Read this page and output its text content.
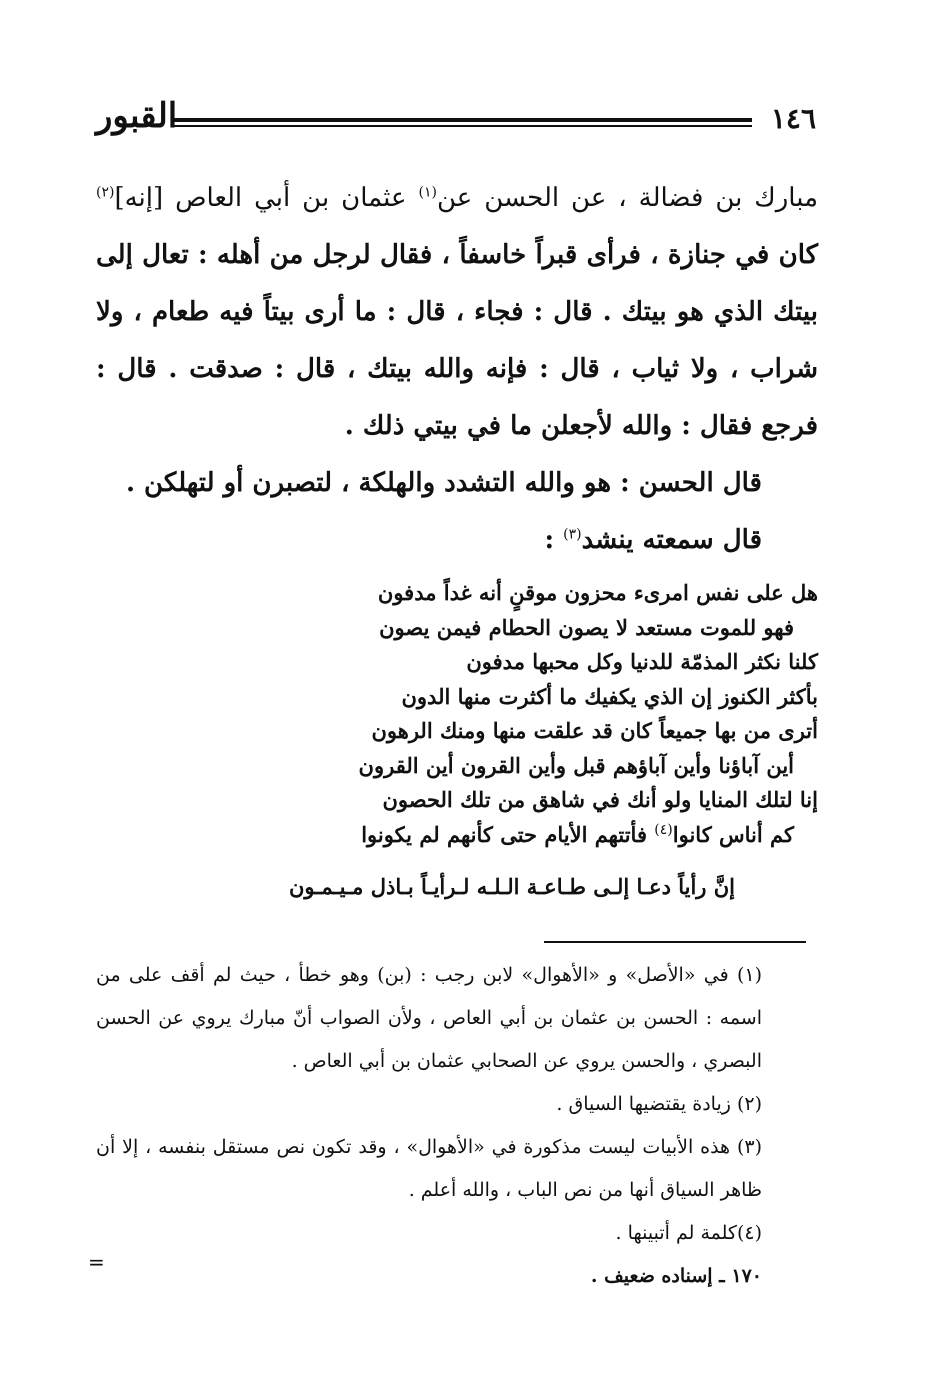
١٤٦
القبور

مبارك بن فضالة ، عن الحسن عن$^{(١)}$ عثمان بن أبي العاص [إنه]$^{(٢)}$ كان في جنازة ، فرأى قبراً خاسفاً ، فقال لرجل من أهله : تعال إلى بيتك الذي هو بيتك . قال : فجاء ، قال : ما أرى بيتاً فيه طعام ، ولا شراب ، ولا ثياب ، قال : فإنه والله بيتك ، قال : صدقت . قال : فرجع فقال : والله لأجعلن ما في بيتي ذلك .

قال الحسن : هو والله التشدد والهلكة ، لتصبرن أو لتهلكن .

قال سمعته ينشد$^{(٣)}$ :

هل على نفس امرىء محزون موقنٍ أنه غداً مدفون

فهو للموت مستعد لا يصون الحطام فيمن يصون

كلنا نكثر المذمّة للدنيا وكل محبها مدفون

بأكثر الكنوز إن الذي يكفيك ما أكثرت منها الدون

أترى من بها جميعاً كان قد علقت منها ومنك الرهون

أين آباؤنا وأين آباؤهم قبل وأين القرون أين القرون

إنا لتلك المنايا ولو أنك في شاهق من تلك الحصون

كم أناس كانوا$^{(٤)}$ فأتتهم الأيام حتى كأنهم لم يكونوا

إنَّ رأياً دعـا إلـى طـاعـة الـلـه لـرأيـاً بـاذل مـيـمـون

(١) في «الأصل» و «الأهوال» لابن رجب : (بن) وهو خطأ ، حيث لم أقف على من اسمه : الحسن بن عثمان بن أبي العاص ، ولأن الصواب أنّ مبارك يروي عن الحسن البصري ، والحسن يروي عن الصحابي عثمان بن أبي العاص .

(٢) زيادة يقتضيها السياق .

(٣) هذه الأبيات ليست مذكورة في «الأهوال» ، وقد تكون نص مستقل بنفسه ، إلا أن ظاهر السياق أنها من نص الباب ، والله أعلم .

(٤)كلمة لم أتبينها .

١٧٠ ـ إسناده ضعيف .

=
